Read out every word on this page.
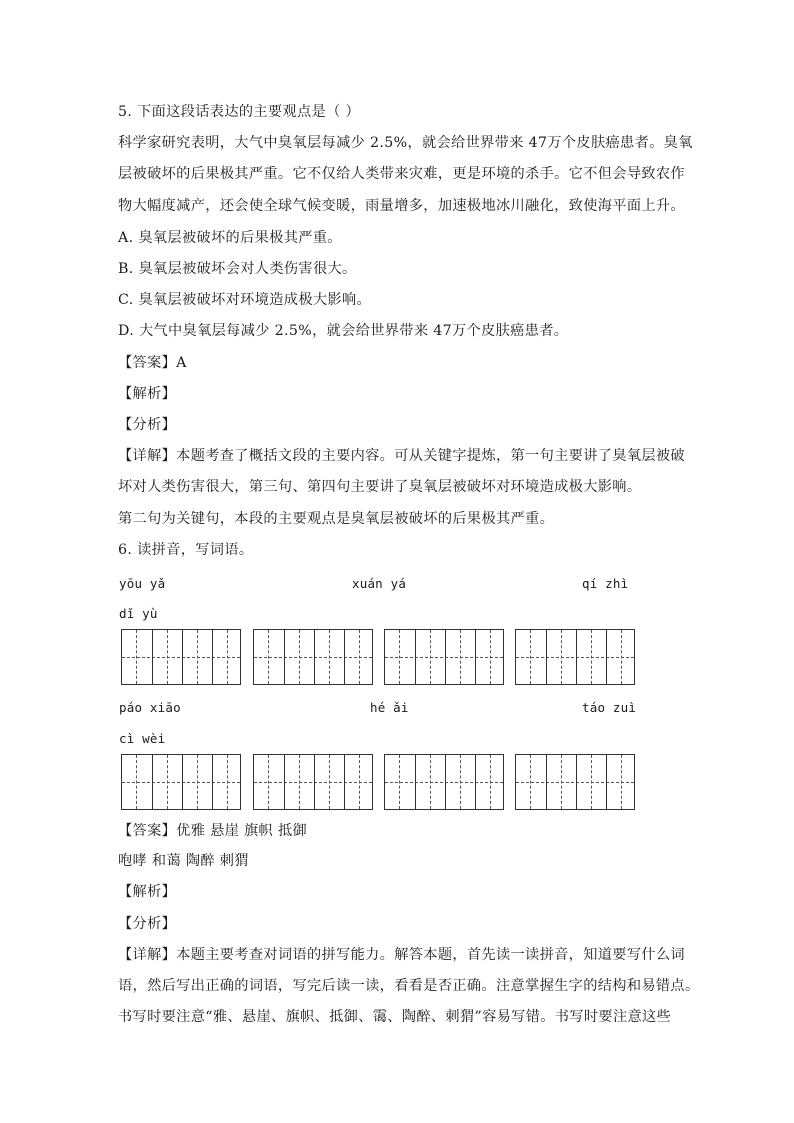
5. 下面这段话表达的主要观点是（ ）
科学家研究表明，大气中臭氧层每减少 2.5%，就会给世界带来 47万个皮肤癌患者。臭氧
层被破坏的后果极其严重。它不仅给人类带来灾难，更是环境的杀手。它不但会导致农作
物大幅度减产，还会使全球气候变暖，雨量增多，加速极地冰川融化，致使海平面上升。
A. 臭氧层被破坏的后果极其严重。
B. 臭氧层被破坏会对人类伤害很大。
C. 臭氧层被破坏对环境造成极大影响。
D. 大气中臭氧层每减少 2.5%，就会给世界带来 47万个皮肤癌患者。
【答案】A
【解析】
【分析】
【详解】本题考查了概括文段的主要内容。可从关键字提炼，第一句主要讲了臭氧层被破
坏对人类伤害很大，第三句、第四句主要讲了臭氧层被破坏对环境造成极大影响。
第二句为关键句，本段的主要观点是臭氧层被破坏的后果极其严重。
6. 读拼音，写词语。
yōu yǎ	xuán yá	qí zhì
dǐ yù
páo xiāo	hé ǎi	táo zuì
cì wèi
【答案】优雅 悬崖 旗帜 抵御
咆哮 和蔼 陶醉 刺猬
【解析】
【分析】
【详解】本题主要考查对词语的拼写能力。解答本题，首先读一读拼音，知道要写什么词
语，然后写出正确的词语，写完后读一读，看看是否正确。注意掌握生字的结构和易错点。
书写时要注意“雅、悬崖、旗帜、抵御、霭、陶醉、刺猬”容易写错。书写时要注意这些
